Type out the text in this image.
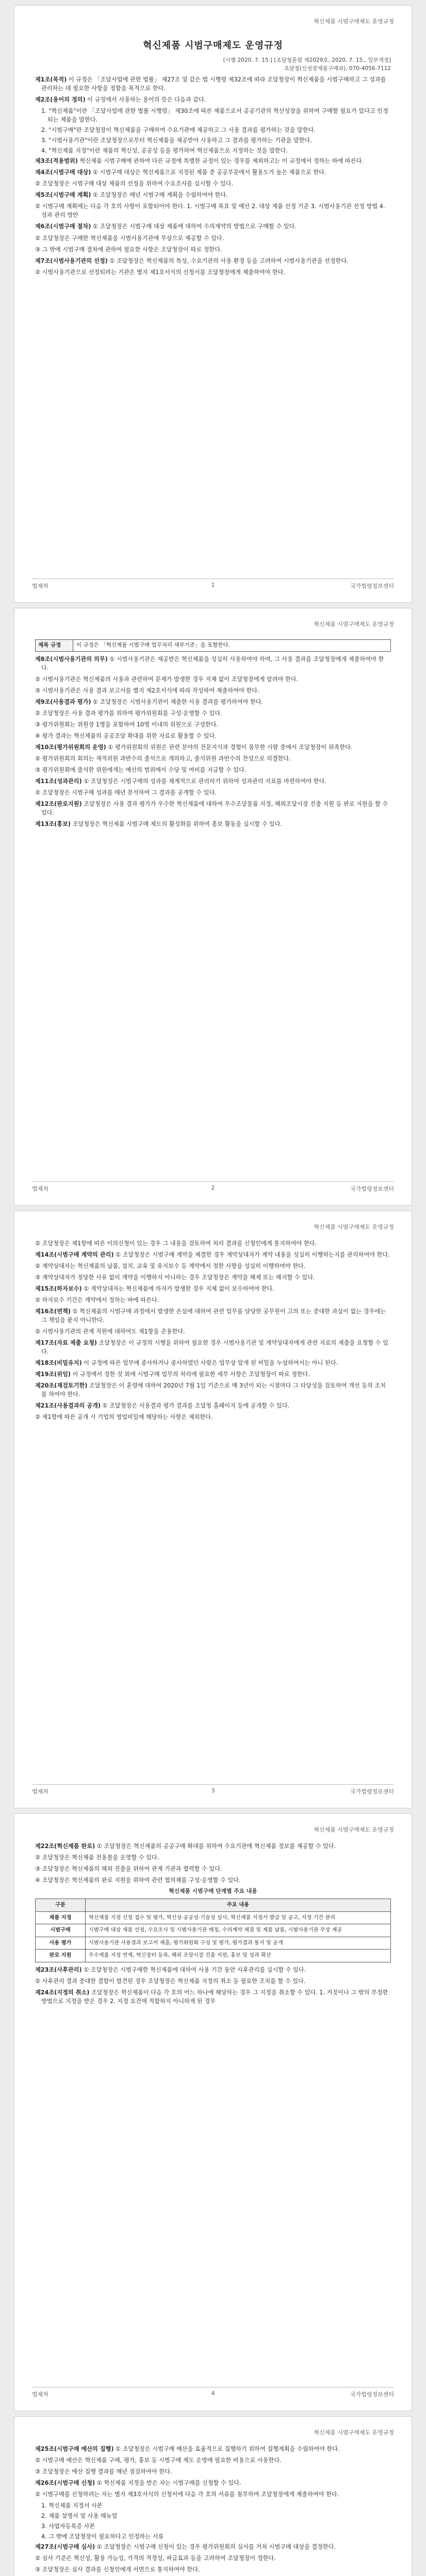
혁신제품 시범구매제도 운영규정
혁신제품 시범구매제도 운영규정
[시행 2020. 7. 15.] [조달청훈령 제2029호, 2020. 7. 15., 일부개정]
조달청(신성장제품구매과), 070-4056-7112

제1조(목적) 이 규정은 「조달사업에 관한 법률」 제27조 및 같은 법 시행령 제32조에 따라 조달청장이 혁신제품을 시범구매하고 그 성과를 관리하는 데 필요한 사항을 정함을 목적으로 한다.

제2조(용어의 정의) 이 규정에서 사용하는 용어의 뜻은 다음과 같다.

1. "혁신제품"이란 「조달사업에 관한 법률 시행령」 제30조에 따른 제품으로서 공공기관의 혁신성장을 위하여 구매할 필요가 있다고 인정되는 제품을 말한다.

2. "시범구매"란 조달청장이 혁신제품을 구매하여 수요기관에 제공하고 그 사용 결과를 평가하는 것을 말한다.

3. "시범사용기관"이란 조달청장으로부터 혁신제품을 제공받아 사용하고 그 결과를 평가하는 기관을 말한다.

4. "혁신제품 지정"이란 제품의 혁신성, 공공성 등을 평가하여 혁신제품으로 지정하는 것을 말한다.

제3조(적용범위) 혁신제품 시범구매에 관하여 다른 규정에 특별한 규정이 있는 경우를 제외하고는 이 규정에서 정하는 바에 따른다.

제4조(시범구매 대상) ① 시범구매 대상은 혁신제품으로 지정된 제품 중 공공부문에서 활용도가 높은 제품으로 한다.

② 조달청장은 시범구매 대상 제품의 선정을 위하여 수요조사를 실시할 수 있다.

제5조(시범구매 계획) ① 조달청장은 매년 시범구매 계획을 수립하여야 한다.

② 시범구매 계획에는 다음 각 호의 사항이 포함되어야 한다. 1. 시범구매 목표 및 예산 2. 대상 제품 선정 기준 3. 시범사용기관 선정 방법 4. 성과 관리 방안

제6조(시범구매 절차) ① 조달청장은 시범구매 대상 제품에 대하여 수의계약의 방법으로 구매할 수 있다.

② 조달청장은 구매한 혁신제품을 시범사용기관에 무상으로 제공할 수 있다.

③ 그 밖에 시범구매 절차에 관하여 필요한 사항은 조달청장이 따로 정한다.

제7조(시범사용기관의 선정) ① 조달청장은 혁신제품의 특성, 수요기관의 사용 환경 등을 고려하여 시범사용기관을 선정한다.

② 시범사용기관으로 선정되려는 기관은 별지 제1호서식의 신청서를 조달청장에게 제출하여야 한다.

법제처	1	국가법령정보센터
혁신제품 시범구매제도 운영규정
제목 규정	이 규정은 「혁신제품 시범구매 업무처리 세부기준」을 포함한다.

제8조(시범사용기관의 의무) ① 시범사용기관은 제공받은 혁신제품을 성실히 사용하여야 하며, 그 사용 결과를 조달청장에게 제출하여야 한다.

② 시범사용기관은 혁신제품의 사용과 관련하여 문제가 발생한 경우 지체 없이 조달청장에게 알려야 한다.

③ 시범사용기관은 사용 결과 보고서를 별지 제2호서식에 따라 작성하여 제출하여야 한다.

제9조(사용결과 평가) ① 조달청장은 시범사용기관이 제출한 사용 결과를 평가하여야 한다.

② 조달청장은 사용 결과 평가를 위하여 평가위원회를 구성·운영할 수 있다.

③ 평가위원회는 위원장 1명을 포함하여 10명 이내의 위원으로 구성한다.

④ 평가 결과는 혁신제품의 공공조달 확대를 위한 자료로 활용할 수 있다.

제10조(평가위원회의 운영) ① 평가위원회의 위원은 관련 분야의 전문지식과 경험이 풍부한 사람 중에서 조달청장이 위촉한다.

② 평가위원회의 회의는 재적위원 과반수의 출석으로 개의하고, 출석위원 과반수의 찬성으로 의결한다.

③ 평가위원회에 출석한 위원에게는 예산의 범위에서 수당 및 여비를 지급할 수 있다.

제11조(성과관리) ① 조달청장은 시범구매의 성과를 체계적으로 관리하기 위하여 성과관리 지표를 마련하여야 한다.

② 조달청장은 시범구매 성과를 매년 분석하여 그 결과를 공개할 수 있다.

제12조(판로지원) 조달청장은 사용 결과 평가가 우수한 혁신제품에 대하여 우수조달물품 지정, 해외조달시장 진출 지원 등 판로 지원을 할 수 있다.

제13조(홍보) 조달청장은 혁신제품 시범구매 제도의 활성화를 위하여 홍보 활동을 실시할 수 있다.

법제처	2	국가법령정보센터
혁신제품 시범구매제도 운영규정

② 조달청장은 제1항에 따른 이의신청이 있는 경우 그 내용을 검토하여 처리 결과를 신청인에게 통지하여야 한다.

제14조(시범구매 계약의 관리) ① 조달청장은 시범구매 계약을 체결한 경우 계약상대자가 계약 내용을 성실히 이행하는지를 관리하여야 한다.

② 계약상대자는 혁신제품의 납품, 설치, 교육 및 유지보수 등 계약에서 정한 사항을 성실히 이행하여야 한다.

③ 계약상대자가 정당한 사유 없이 계약을 이행하지 아니하는 경우 조달청장은 계약을 해제 또는 해지할 수 있다.

제15조(하자보수) ① 계약상대자는 혁신제품에 하자가 발생한 경우 지체 없이 보수하여야 한다.

② 하자보수 기간은 계약에서 정하는 바에 따른다.

제16조(면책) ① 혁신제품의 시범구매 과정에서 발생한 손실에 대하여 관련 업무를 담당한 공무원이 고의 또는 중대한 과실이 없는 경우에는 그 책임을 묻지 아니한다.

② 시범사용기관의 관계 직원에 대하여도 제1항을 준용한다.

제17조(자료 제출 요청) 조달청장은 이 규정의 시행을 위하여 필요한 경우 시범사용기관 및 계약상대자에게 관련 자료의 제출을 요청할 수 있다.

제18조(비밀유지) 이 규정에 따른 업무에 종사하거나 종사하였던 사람은 업무상 알게 된 비밀을 누설하여서는 아니 된다.

제19조(위임) 이 규정에서 정한 것 외에 시범구매 업무의 처리에 필요한 세부 사항은 조달청장이 따로 정한다.

제20조(재검토기한) 조달청장은 이 훈령에 대하여 2020년 7월 1일 기준으로 매 3년이 되는 시점마다 그 타당성을 검토하여 개선 등의 조치를 하여야 한다.

제21조(사용결과의 공개) ① 조달청장은 사용결과 평가 결과를 조달청 홈페이지 등에 공개할 수 있다.

② 제1항에 따른 공개 시 기업의 영업비밀에 해당하는 사항은 제외한다.

법제처	3	국가법령정보센터
혁신제품 시범구매제도 운영규정

제22조(혁신제품 판로) ① 조달청장은 혁신제품의 공공구매 확대를 위하여 수요기관에 혁신제품 정보를 제공할 수 있다.

② 조달청장은 혁신제품 전용몰을 운영할 수 있다.

③ 조달청장은 혁신제품의 해외 진출을 위하여 관계 기관과 협력할 수 있다.

④ 조달청장은 혁신제품의 판로 지원을 위하여 관련 협의체를 구성·운영할 수 있다.

혁신제품 시범구매 단계별 주요 내용
구분	주요 내용
제품 지정	혁신제품 지정 신청 접수 및 평가, 혁신성·공공성·기술성 심사, 혁신제품 지정서 발급 및 공고, 지정 기간 관리
시범구매	시범구매 대상 제품 선정, 수요조사 및 시범사용기관 매칭, 수의계약 체결 및 제품 납품, 시범사용기관 무상 제공
사용 평가	시범사용기관 사용결과 보고서 제출, 평가위원회 구성 및 평가, 평가결과 통지 및 공개
판로 지원	우수제품 지정 연계, 혁신장터 등록, 해외 조달시장 진출 지원, 홍보 및 성과 확산

제23조(사후관리) ① 조달청장은 시범구매한 혁신제품에 대하여 사용 기간 동안 사후관리를 실시할 수 있다.

② 사후관리 결과 중대한 결함이 발견된 경우 조달청장은 혁신제품 지정의 취소 등 필요한 조치를 할 수 있다.

제24조(지정의 취소) 조달청장은 혁신제품이 다음 각 호의 어느 하나에 해당하는 경우 그 지정을 취소할 수 있다. 1. 거짓이나 그 밖의 부정한 방법으로 지정을 받은 경우 2. 지정 요건에 적합하지 아니하게 된 경우

법제처	4	국가법령정보센터
혁신제품 시범구매제도 운영규정

제25조(시범구매 예산의 집행) ① 조달청장은 시범구매 예산을 효율적으로 집행하기 위하여 집행계획을 수립하여야 한다.

② 시범구매 예산은 혁신제품 구매, 평가, 홍보 등 시범구매 제도 운영에 필요한 비용으로 사용한다.

③ 조달청장은 예산 집행 결과를 매년 점검하여야 한다.

제26조(시범구매 신청) ① 혁신제품 지정을 받은 자는 시범구매를 신청할 수 있다.

② 시범구매를 신청하려는 자는 별지 제3호서식의 신청서에 다음 각 호의 서류를 첨부하여 조달청장에게 제출하여야 한다.

1. 혁신제품 지정서 사본

2. 제품 설명서 및 사용 매뉴얼

3. 사업자등록증 사본

4. 그 밖에 조달청장이 필요하다고 인정하는 서류

제27조(시범구매 심사) ① 조달청장은 시범구매 신청이 있는 경우 평가위원회의 심사를 거쳐 시범구매 대상을 결정한다.

② 심사 기준은 혁신성, 활용 가능성, 가격의 적정성, 파급효과 등을 고려하여 조달청장이 정한다.

③ 조달청장은 심사 결과를 신청인에게 서면으로 통지하여야 한다.
